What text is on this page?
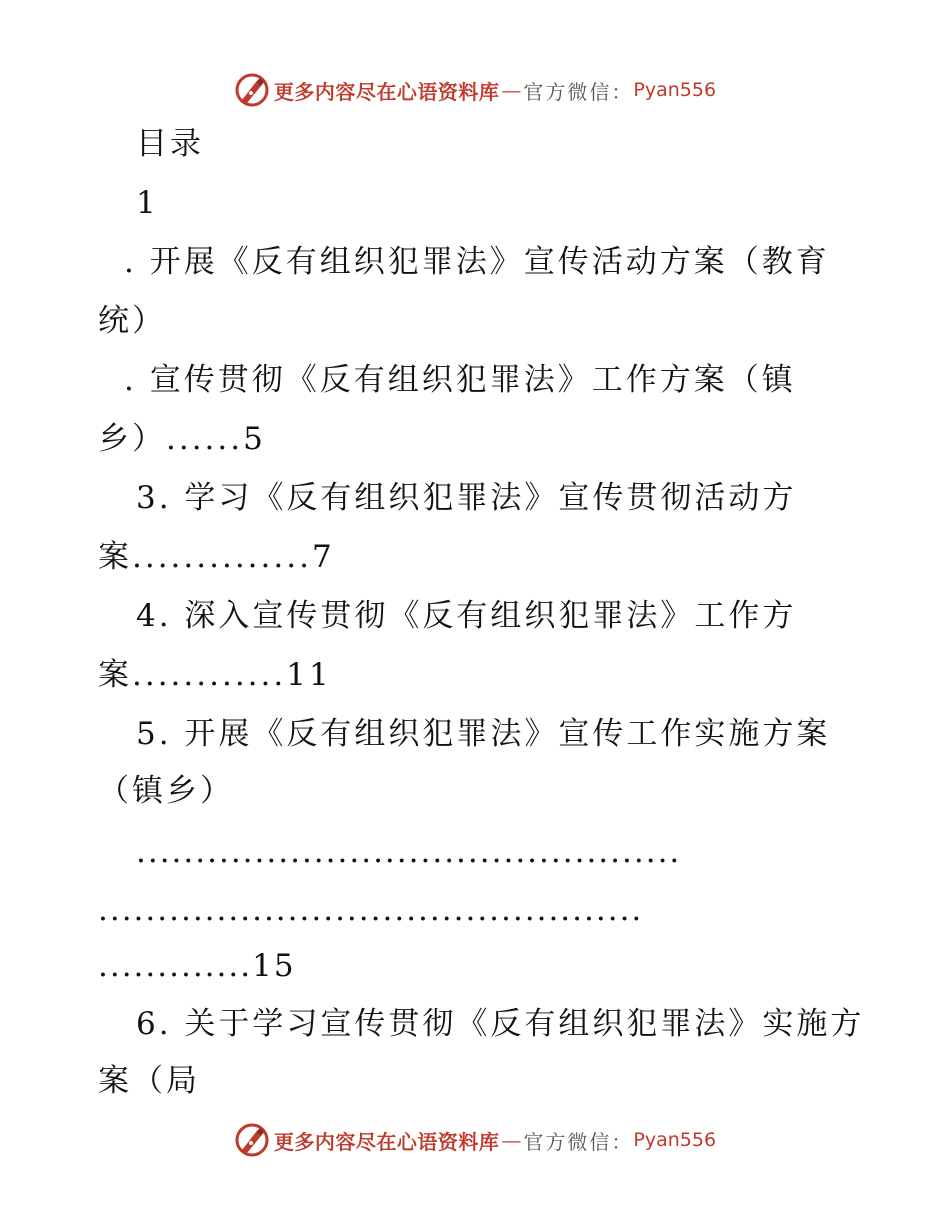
更多内容尽在心语资料库 — 官方微信： Pyan556
目录
1
. 开展《反有组织犯罪法》宣传活动方案（教育
统）
. 宣传贯彻《反有组织犯罪法》工作方案（镇
乡）......5
3. 学习《反有组织犯罪法》宣传贯彻活动方
案..............7
4. 深入宣传贯彻《反有组织犯罪法》工作方
案............11
5. 开展《反有组织犯罪法》宣传工作实施方案
（镇乡）
..............................................
..............................................
.............15
6. 关于学习宣传贯彻《反有组织犯罪法》实施方
案（局
更多内容尽在心语资料库 — 官方微信： Pyan556
